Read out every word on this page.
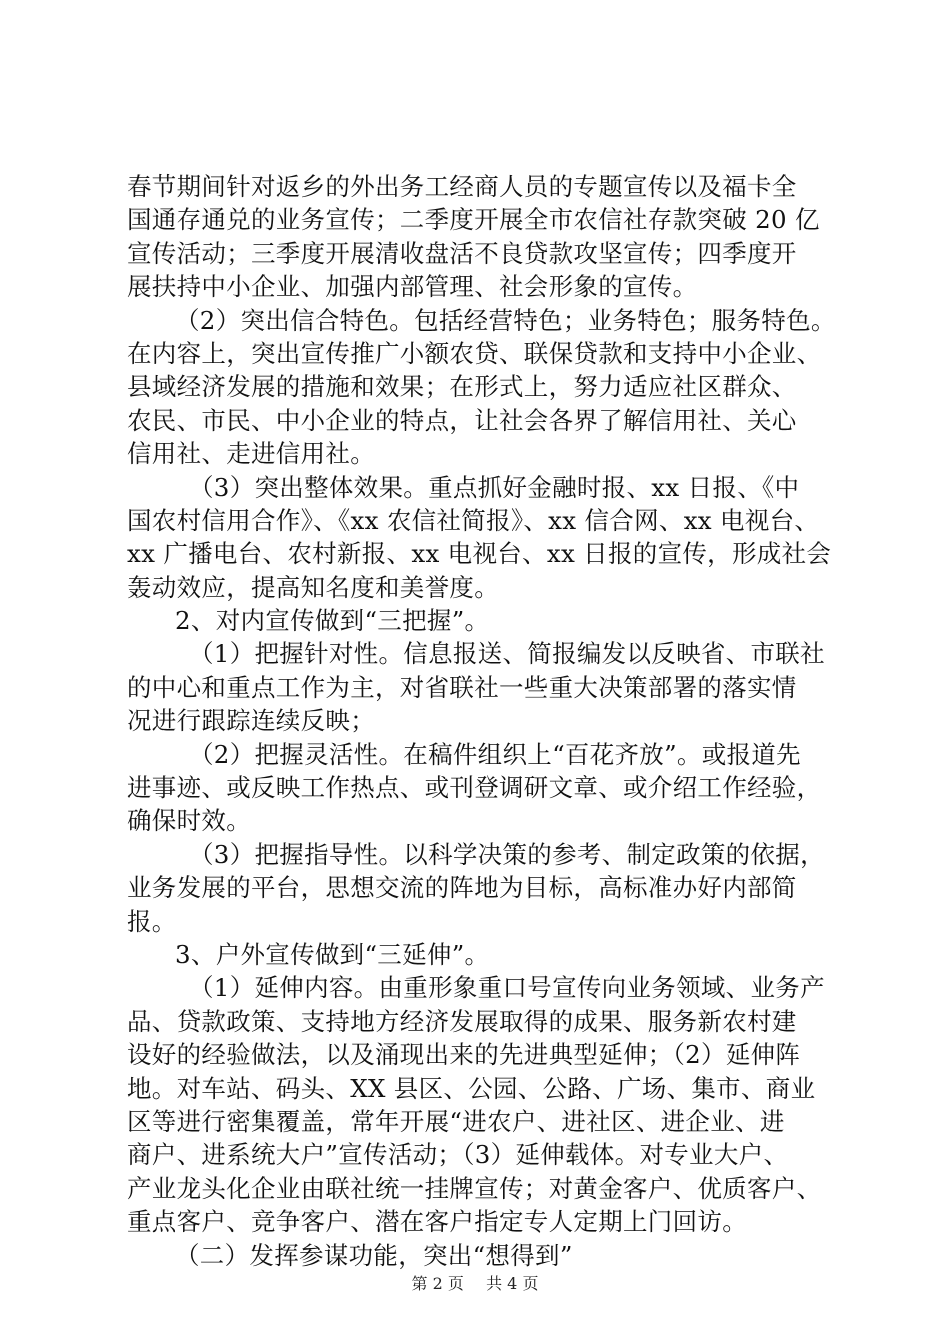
春节期间针对返乡的外出务工经商人员的专题宣传以及福卡全
国通存通兑的业务宣传；二季度开展全市农信社存款突破 20 亿
宣传活动；三季度开展清收盘活不良贷款攻坚宣传；四季度开
展扶持中小企业、加强内部管理、社会形象的宣传。
（2）突出信合特色。包括经营特色；业务特色；服务特色。
在内容上，突出宣传推广小额农贷、联保贷款和支持中小企业、
县域经济发展的措施和效果；在形式上，努力适应社区群众、
农民、市民、中小企业的特点，让社会各界了解信用社、关心
信用社、走进信用社。
（3）突出整体效果。重点抓好金融时报、xx 日报、《中
国农村信用合作》、《xx 农信社简报》、xx 信合网、xx 电视台、
xx 广播电台、农村新报、xx 电视台、xx 日报的宣传，形成社会
轰动效应，提高知名度和美誉度。
2、对内宣传做到“三把握”。
（1）把握针对性。信息报送、简报编发以反映省、市联社
的中心和重点工作为主，对省联社一些重大决策部署的落实情
况进行跟踪连续反映；
（2）把握灵活性。在稿件组织上“百花齐放”。或报道先
进事迹、或反映工作热点、或刊登调研文章、或介绍工作经验，
确保时效。
（3）把握指导性。以科学决策的参考、制定政策的依据，
业务发展的平台，思想交流的阵地为目标，高标准办好内部简
报。
3、户外宣传做到“三延伸”。
（1）延伸内容。由重形象重口号宣传向业务领域、业务产
品、贷款政策、支持地方经济发展取得的成果、服务新农村建
设好的经验做法，以及涌现出来的先进典型延伸；（2）延伸阵
地。对车站、码头、XX 县区、公园、公路、广场、集市、商业
区等进行密集覆盖，常年开展“进农户、进社区、进企业、进
商户、进系统大户”宣传活动；（3）延伸载体。对专业大户、
产业龙头化企业由联社统一挂牌宣传；对黄金客户、优质客户、
重点客户、竞争客户、潜在客户指定专人定期上门回访。
（二）发挥参谋功能，突出“想得到”
第 2 页 共 4 页
